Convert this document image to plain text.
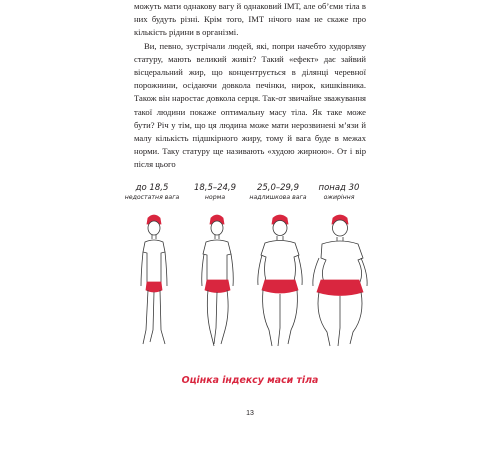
можуть мати однакову вагу й однаковий ІМТ, але об’єми тіла в них будуть різні. Крім того, ІМТ нічого нам не скаже про кількість рідини в організмі.

Ви, певно, зустрічали людей, які, попри начебто худорляву статуру, мають великий живіт? Такий «ефект» дає зайвий вісцеральний жир, що концентрується в ділянці черевної порожнини, осідаючи довкола печінки, нирок, кишківника. Також він наростає довкола серця. Так-от звичайне зважування такої людини покаже оптимальну масу тіла. Як таке може бути? Річ у тім, що ця людина може мати нерозвинені м’язи й малу кількість підшкірного жиру, тому й вага буде в межах норми. Таку статуру ще називають «худою жирною». От і вір після цього

до 18,5
недостатня вага
18,5–24,9
норма
25,0–29,9
надлишкова вага
понад 30
ожиріння
Оцінка індексу маси тіла
13
